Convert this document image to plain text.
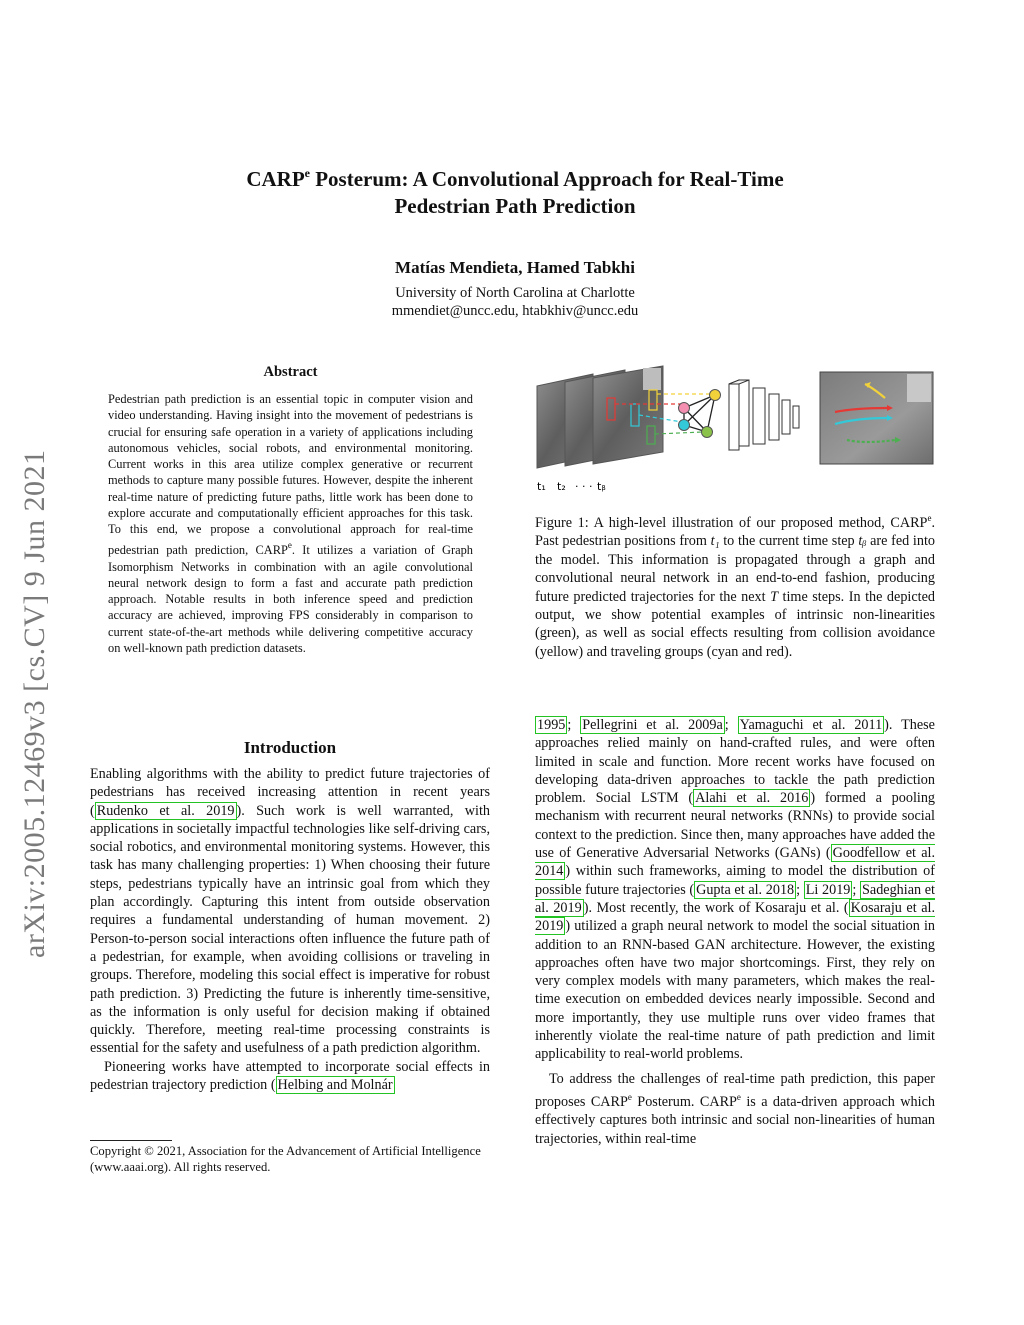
CARP$^e$ Posterum: A Convolutional Approach for Real-Time
Pedestrian Path Prediction
Matías Mendieta, Hamed Tabkhi
University of North Carolina at Charlotte
mmendiet@uncc.edu, htabkhiv@uncc.edu
arXiv:2005.12469v3 [cs.CV] 9 Jun 2021
Abstract
Pedestrian path prediction is an essential topic in computer vision and video understanding. Having insight into the movement of pedestrians is crucial for ensuring safe operation in a variety of applications including autonomous vehicles, social robots, and environmental monitoring. Current works in this area utilize complex generative or recurrent methods to capture many possible futures. However, despite the inherent real-time nature of predicting future paths, little work has been done to explore accurate and computationally efficient approaches for this task. To this end, we propose a convolutional approach for real-time pedestrian path prediction, CARP$^e$. It utilizes a variation of Graph Isomorphism Networks in combination with an agile convolutional neural network design to form a fast and accurate path prediction approach. Notable results in both inference speed and prediction accuracy are achieved, improving FPS considerably in comparison to current state-of-the-art methods while delivering competitive accuracy on well-known path prediction datasets.
t₁ t₂ · · · tᵦ
Figure 1: A high-level illustration of our proposed method, CARP$^e$. Past pedestrian positions from t₁ to the current time step tᵦ are fed into the model. This information is propagated through a graph and convolutional neural network in an end-to-end fashion, producing future predicted trajectories for the next T time steps. In the depicted output, we show potential examples of intrinsic non-linearities (green), as well as social effects resulting from collision avoidance (yellow) and traveling groups (cyan and red).
Introduction

Enabling algorithms with the ability to predict future trajectories of pedestrians has received increasing attention in recent years ( Rudenko et al. 2019 ). Such work is well warranted, with applications in societally impactful technologies like self-driving cars, social robotics, and environmental monitoring systems. However, this task has many challenging properties: 1) When choosing their future steps, pedestrians typically have an intrinsic goal from which they plan accordingly. Capturing this intent from outside observation requires a fundamental understanding of human movement. 2) Person-to-person social interactions often influence the future path of a pedestrian, for example, when avoiding collisions or traveling in groups. Therefore, modeling this social effect is imperative for robust path prediction. 3) Predicting the future is inherently time-sensitive, as the information is only useful for decision making if obtained quickly. Therefore, meeting real-time processing constraints is essential for the safety and usefulness of a path prediction algorithm.

Pioneering works have attempted to incorporate social effects in pedestrian trajectory prediction ( Helbing and Molnár

Copyright © 2021, Association for the Advancement of Artificial Intelligence (www.aaai.org). All rights reserved.

1995 ; Pellegrini et al. 2009a ; Yamaguchi et al. 2011 ). These approaches relied mainly on hand-crafted rules, and were often limited in scale and function. More recent works have focused on developing data-driven approaches to tackle the path prediction problem. Social LSTM ( Alahi et al. 2016 ) formed a pooling mechanism with recurrent neural networks (RNNs) to provide social context to the prediction. Since then, many approaches have added the use of Generative Adversarial Networks (GANs) ( Goodfellow et al. 2014 ) within such frameworks, aiming to model the distribution of possible future trajectories ( Gupta et al. 2018 ; Li 2019 ; Sadeghian et al. 2019 ). Most recently, the work of Kosaraju et al. ( Kosaraju et al. 2019 ) utilized a graph neural network to model the social situation in addition to an RNN-based GAN architecture. However, the existing approaches often have two major shortcomings. First, they rely on very complex models with many parameters, which makes the real-time execution on embedded devices nearly impossible. Second and more importantly, they use multiple runs over video frames that inherently violate the real-time nature of path prediction and limit applicability to real-world problems.

To address the challenges of real-time path prediction, this paper proposes CARP$^e$ Posterum. CARP$^e$ is a data-driven approach which effectively captures both intrinsic and social non-linearities of human trajectories, within real-time
